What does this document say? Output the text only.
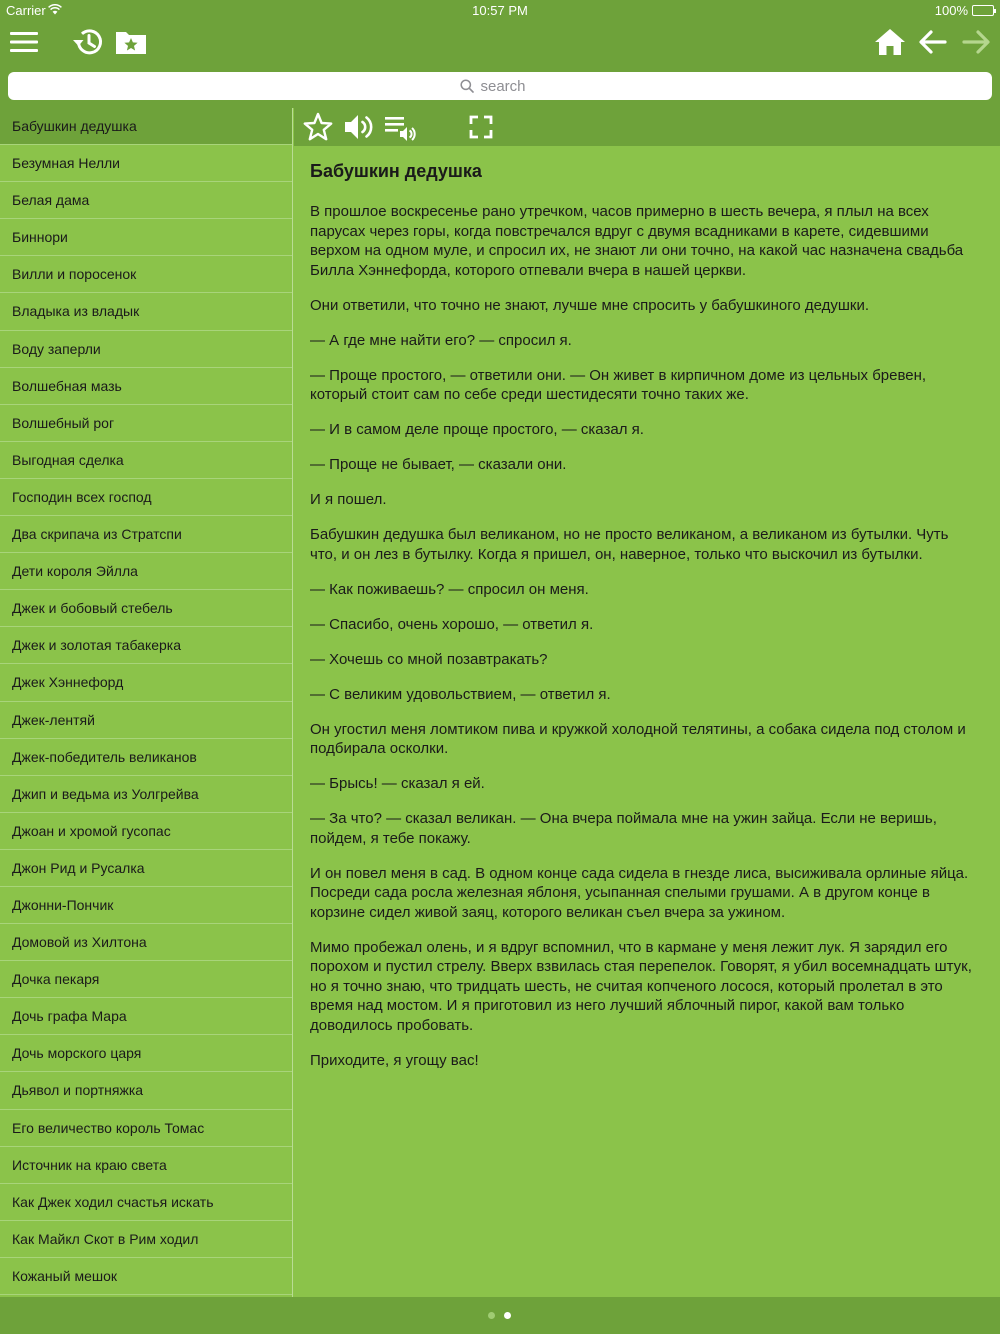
Carrier	10:57 PM	100%
search
Бабушкин дедушка
Безумная Нелли
Белая дама
Биннори
Вилли и поросенок
Владыка из владык
Воду заперли
Волшебная мазь
Волшебный рог
Выгодная сделка
Господин всех господ
Два скрипача из Стратспи
Дети короля Эйлла
Джек и бобовый стебель
Джек и золотая табакерка
Джек Хэннефорд
Джек-лентяй
Джек-победитель великанов
Джип и ведьма из Уолгрейва
Джоан и хромой гусопас
Джон Рид и Русалка
Джонни-Пончик
Домовой из Хилтона
Дочка пекаря
Дочь графа Мара
Дочь морского царя
Дьявол и портняжка
Его величество король Томас
Источник на краю света
Как Джек ходил счастья искать
Как Майкл Скот в Рим ходил
Кожаный мешок
Бабушкин дедушка

В прошлое воскресенье рано утречком, часов примерно в шесть вечера, я плыл на всех парусах через горы, когда повстречался вдруг с двумя всадниками в карете, сидевшими верхом на одном муле, и спросил их, не знают ли они точно, на какой час назначена свадьба Билла Хэннефорда, которого отпевали вчера в нашей церкви.

Они ответили, что точно не знают, лучше мне спросить у бабушкиного дедушки.

— А где мне найти его? — спросил я.

— Проще простого, — ответили они. — Он живет в кирпичном доме из цельных бревен, который стоит сам по себе среди шестидесяти точно таких же.

— И в самом деле проще простого, — сказал я.

— Проще не бывает, — сказали они.

И я пошел.

Бабушкин дедушка был великаном, но не просто великаном, а великаном из бутылки. Чуть что, и он лез в бутылку. Когда я пришел, он, наверное, только что выскочил из бутылки.

— Как поживаешь? — спросил он меня.

— Спасибо, очень хорошо, — ответил я.

— Хочешь со мной позавтракать?

— С великим удовольствием, — ответил я.

Он угостил меня ломтиком пива и кружкой холодной телятины, а собака сидела под столом и подбирала осколки.

— Брысь! — сказал я ей.

— За что? — сказал великан. — Она вчера поймала мне на ужин зайца. Если не веришь, пойдем, я тебе покажу.

И он повел меня в сад. В одном конце сада сидела в гнезде лиса, высиживала орлиные яйца. Посреди сада росла железная яблоня, усыпанная спелыми грушами. А в другом конце в корзине сидел живой заяц, которого великан съел вчера за ужином.

Мимо пробежал олень, и я вдруг вспомнил, что в кармане у меня лежит лук. Я зарядил его порохом и пустил стрелу. Вверх взвилась стая перепелок. Говорят, я убил восемнадцать штук, но я точно знаю, что тридцать шесть, не считая копченого лосося, который пролетал в это время над мостом. И я приготовил из него лучший яблочный пирог, какой вам только доводилось пробовать.

Приходите, я угощу вас!
